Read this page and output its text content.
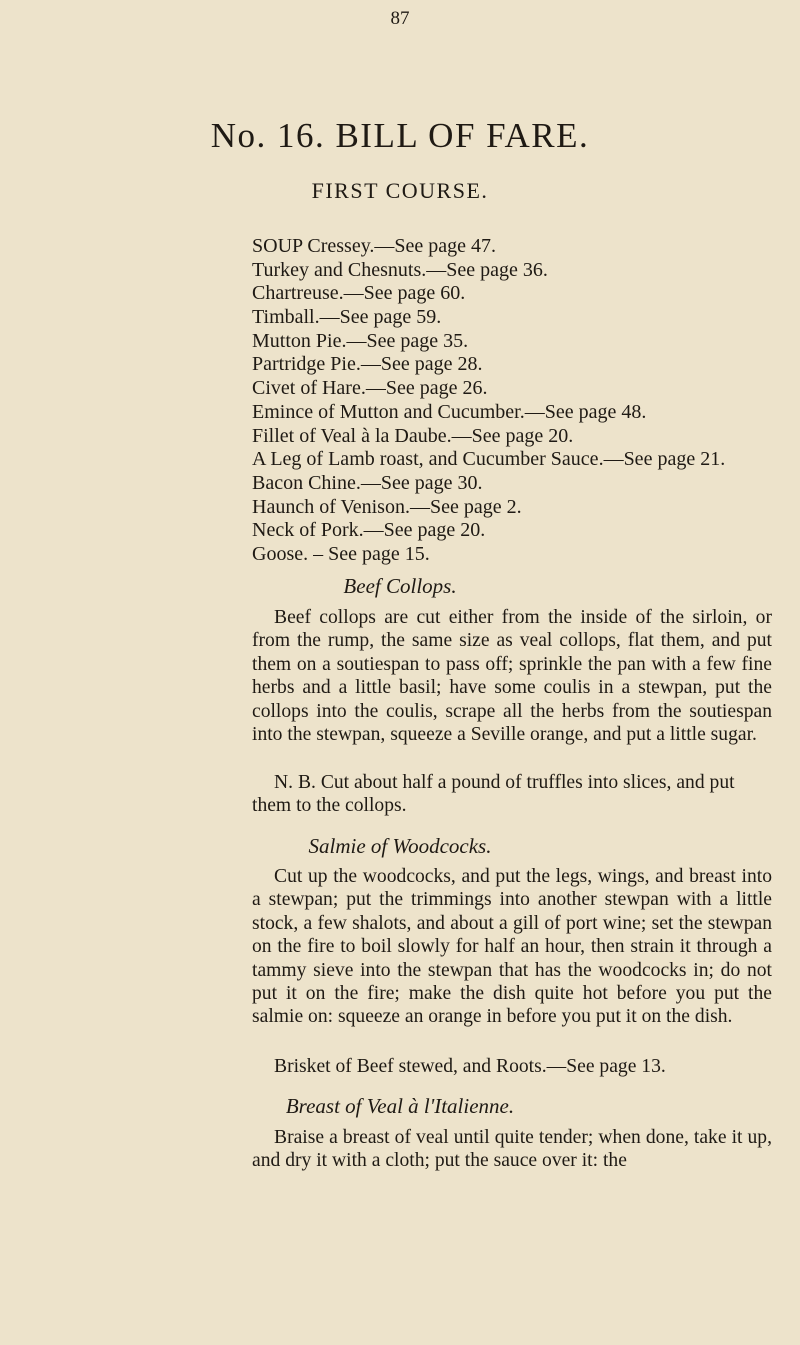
87
No. 16. BILL OF FARE.
FIRST COURSE.
SOUP Cressey.—See page 47.
Turkey and Chesnuts.—See page 36.
Chartreuse.—See page 60.
Timball.—See page 59.
Mutton Pie.—See page 35.
Partridge Pie.—See page 28.
Civet of Hare.—See page 26.
Emince of Mutton and Cucumber.—See page 48.
Fillet of Veal à la Daube.—See page 20.
A Leg of Lamb roast, and Cucumber Sauce.—See page 21.
Bacon Chine.—See page 30.
Haunch of Venison.—See page 2.
Neck of Pork.—See page 20.
Goose. – See page 15.
Beef Collops.

Beef collops are cut either from the inside of the sirloin, or from the rump, the same size as veal collops, flat them, and put them on a soutiespan to pass off; sprinkle the pan with a few fine herbs and a little basil; have some coulis in a stewpan, put the collops into the coulis, scrape all the herbs from the soutiespan into the stewpan, squeeze a Seville orange, and put a little sugar.

N. B. Cut about half a pound of truffles into slices, and put them to the collops.

Salmie of Woodcocks.

Cut up the woodcocks, and put the legs, wings, and breast into a stewpan; put the trimmings into another stewpan with a little stock, a few shalots, and about a gill of port wine; set the stewpan on the fire to boil slowly for half an hour, then strain it through a tammy sieve into the stewpan that has the woodcocks in; do not put it on the fire; make the dish quite hot before you put the salmie on: squeeze an orange in before you put it on the dish.

Brisket of Beef stewed, and Roots.—See page 13.

Breast of Veal à l'Italienne.

Braise a breast of veal until quite tender; when done, take it up, and dry it with a cloth; put the sauce over it: the
